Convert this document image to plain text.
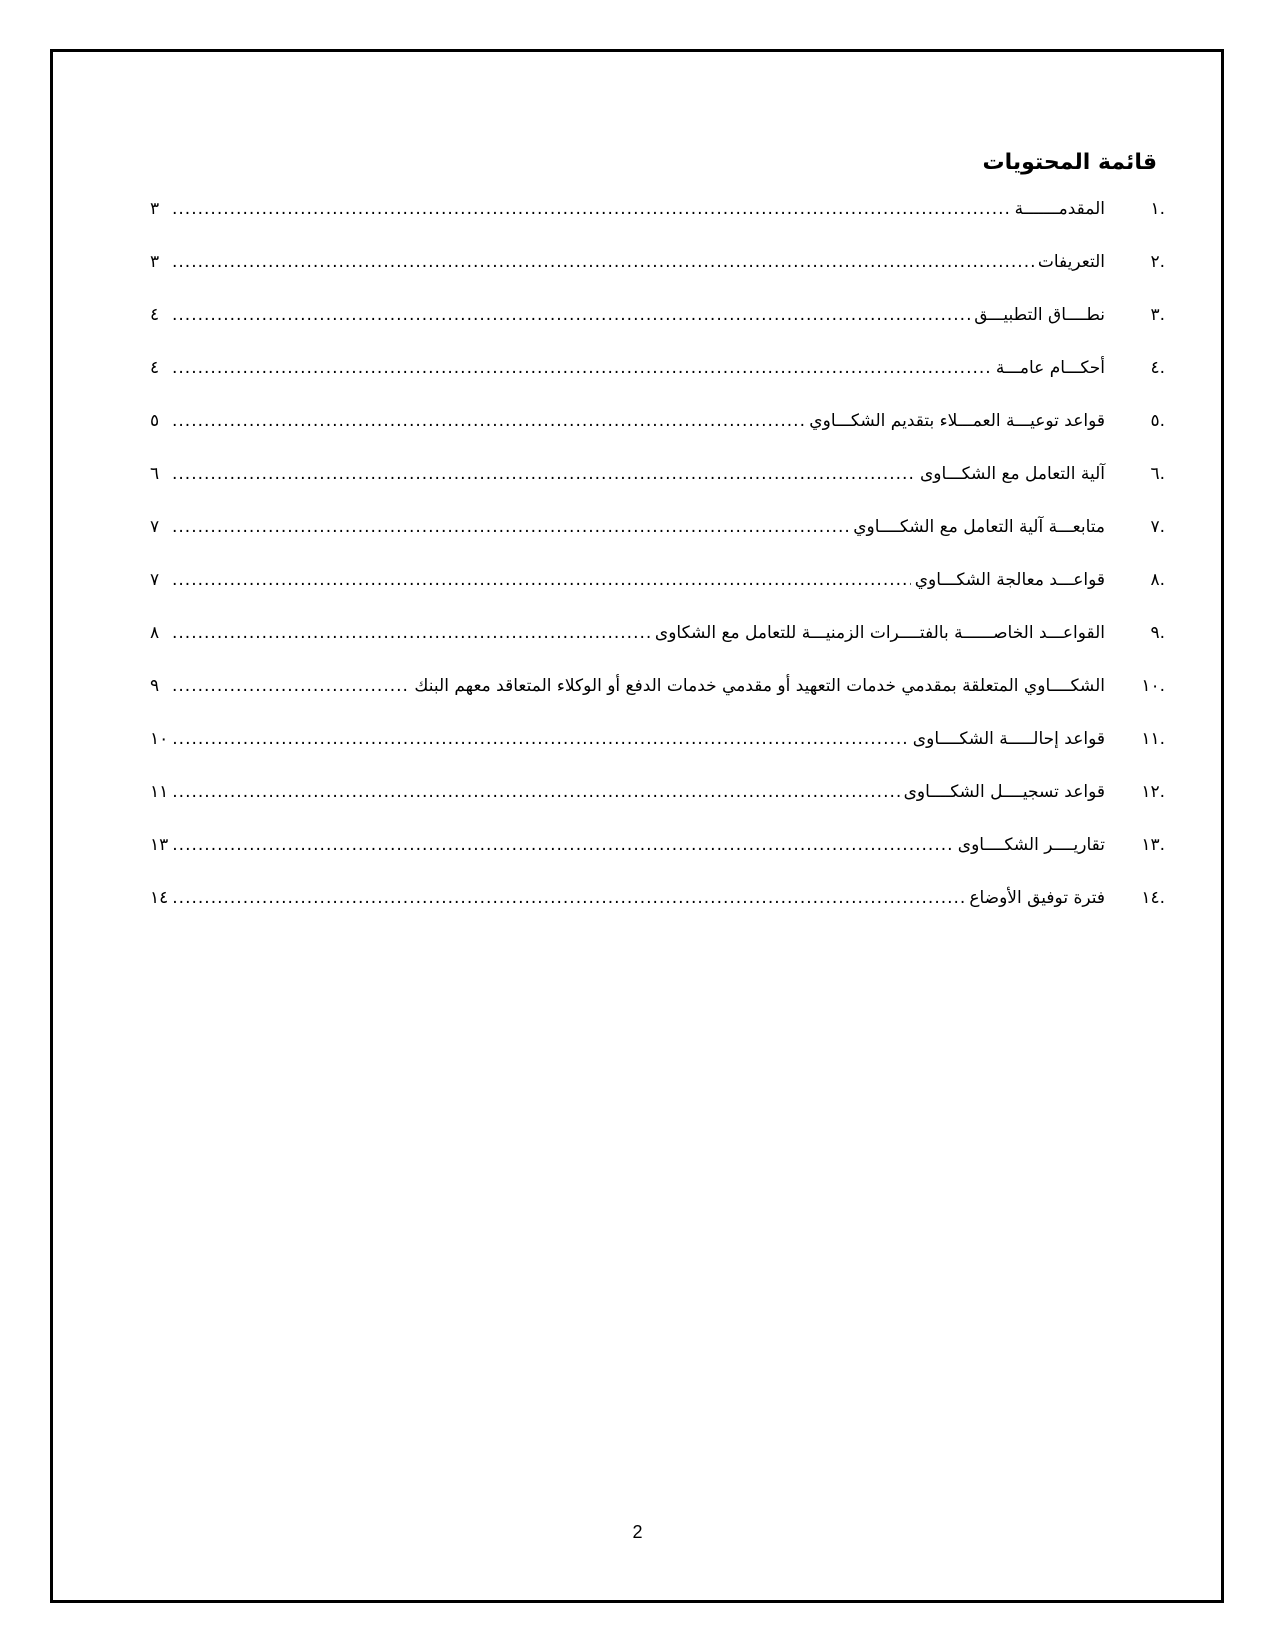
قائمة المحتويات
.١
المقدمـــــــة
.....
٣
.٢
التعريفات
.....
٣
.٣
نطــــاق التطبيـــق
.....
٤
.٤
أحكـــام عامـــة
.....
٤
.٥
قواعد توعيـــة العمـــلاء بتقديم الشكـــاوي
.....
٥
.٦
آلية التعامل مع الشكـــاوى
.....
٦
.٧
متابعـــة آلية التعامل مع الشكــــاوي
.....
٧
.٨
قواعـــد معالجة الشكـــاوي
.....
٧
.٩
القواعـــد الخاصــــــة بالفتــــرات الزمنيـــة للتعامل مع الشكاوى
.....
٨
.١٠
الشكــــاوي المتعلقة بمقدمي خدمات التعهيد أو مقدمي خدمات الدفع أو الوكلاء المتعاقد معهم البنك
.....
٩
.١١
قواعد إحالـــــة الشكــــاوى
.....
١٠
.١٢
قواعد تسجيــــل الشكــــاوى
.....
١١
.١٣
تقاريــــر الشكــــاوى
.....
١٣
.١٤
فترة توفيق الأوضاع
.....
١٤
2
